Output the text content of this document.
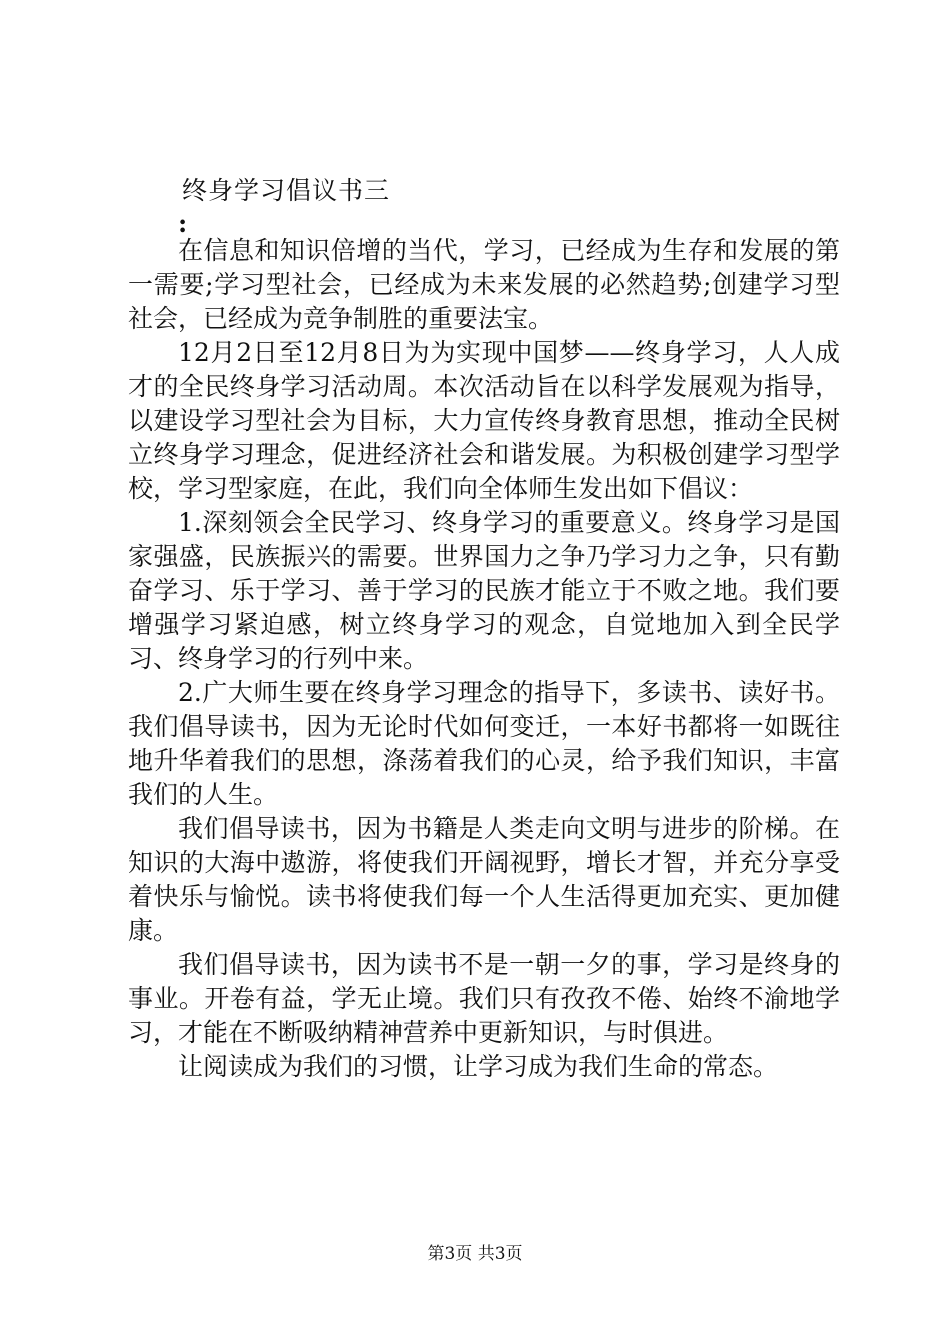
终身学习倡议书三
:

在信息和知识倍增的当代，学习，已经成为生存和发展的第一需要;学习型社会，已经成为未来发展的必然趋势;创建学习型社会，已经成为竞争制胜的重要法宝。

12月2日至12月8日为为实现中国梦——终身学习，人人成才的全民终身学习活动周。本次活动旨在以科学发展观为指导，以建设学习型社会为目标，大力宣传终身教育思想，推动全民树立终身学习理念，促进经济社会和谐发展。为积极创建学习型学校，学习型家庭，在此，我们向全体师生发出如下倡议：

1.深刻领会全民学习、终身学习的重要意义。终身学习是国家强盛，民族振兴的需要。世界国力之争乃学习力之争，只有勤奋学习、乐于学习、善于学习的民族才能立于不败之地。我们要增强学习紧迫感，树立终身学习的观念，自觉地加入到全民学习、终身学习的行列中来。

2.广大师生要在终身学习理念的指导下，多读书、读好书。我们倡导读书，因为无论时代如何变迁，一本好书都将一如既往地升华着我们的思想，涤荡着我们的心灵，给予我们知识，丰富我们的人生。

我们倡导读书，因为书籍是人类走向文明与进步的阶梯。在知识的大海中遨游，将使我们开阔视野，增长才智，并充分享受着快乐与愉悦。读书将使我们每一个人生活得更加充实、更加健康。

我们倡导读书，因为读书不是一朝一夕的事，学习是终身的事业。开卷有益，学无止境。我们只有孜孜不倦、始终不渝地学习，才能在不断吸纳精神营养中更新知识，与时俱进。

让阅读成为我们的习惯，让学习成为我们生命的常态。

第3页 共3页
